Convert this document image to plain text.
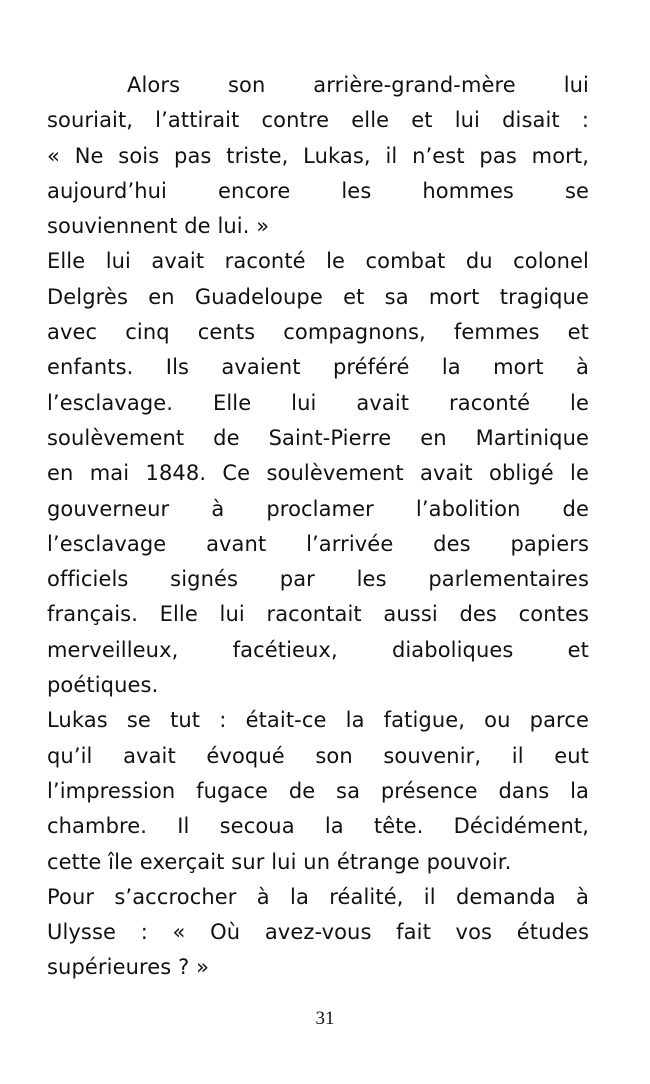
Alors son arrière-grand-mère lui
souriait, l’attirait contre elle et lui disait :
« Ne sois pas triste, Lukas, il n’est pas mort,
aujourd’hui encore les hommes se
souviennent de lui. »
Elle lui avait raconté le combat du colonel
Delgrès en Guadeloupe et sa mort tragique
avec cinq cents compagnons, femmes et
enfants. Ils avaient préféré la mort à
l’esclavage. Elle lui avait raconté le
soulèvement de Saint-Pierre en Martinique
en mai 1848. Ce soulèvement avait obligé le
gouverneur à proclamer l’abolition de
l’esclavage avant l’arrivée des papiers
officiels signés par les parlementaires
français. Elle lui racontait aussi des contes
merveilleux, facétieux, diaboliques et
poétiques.
Lukas se tut : était-ce la fatigue, ou parce
qu’il avait évoqué son souvenir, il eut
l’impression fugace de sa présence dans la
chambre. Il secoua la tête. Décidément,
cette île exerçait sur lui un étrange pouvoir.
Pour s’accrocher à la réalité, il demanda à
Ulysse : « Où avez-vous fait vos études
supérieures ? »
31
